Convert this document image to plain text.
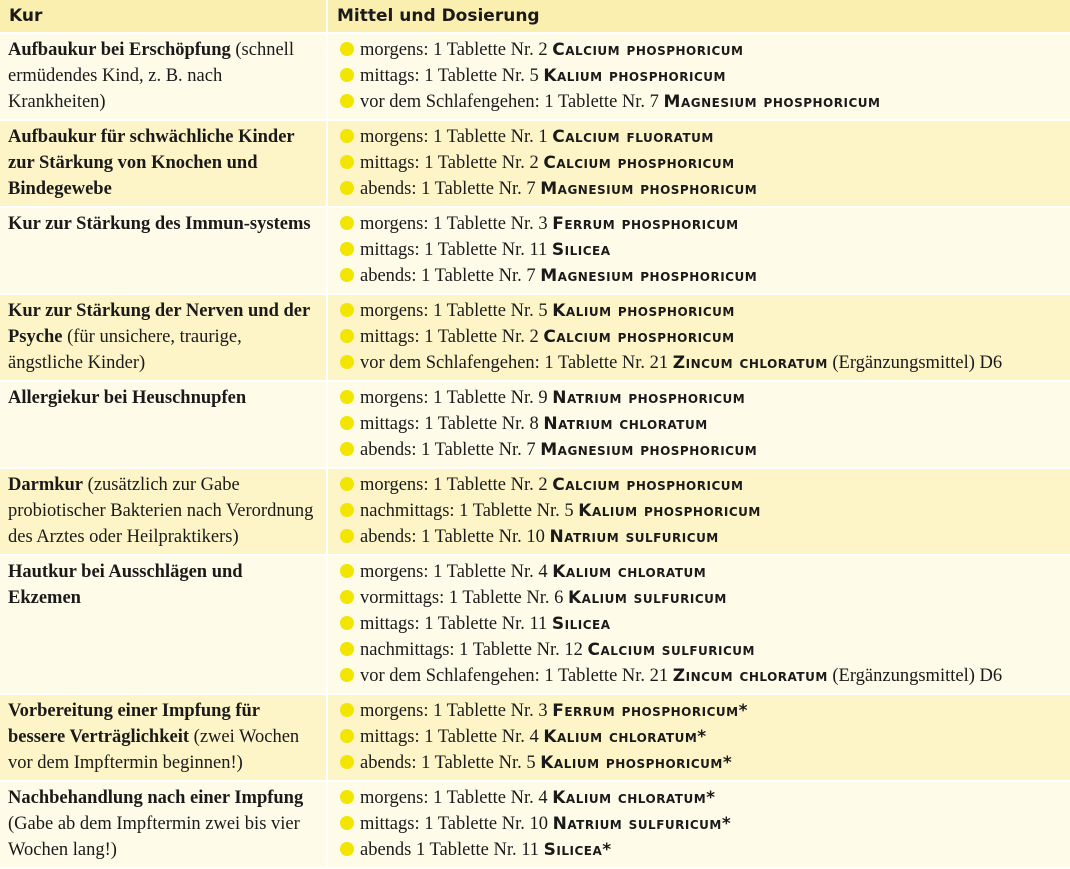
Kur	Mittel und Dosierung
Aufbaukur bei Erschöpfung (schnell ermüdendes Kind, z. B. nach Krankheiten)	morgens: 1 Tablette Nr. 2 Calcium phosphoricum
mittags: 1 Tablette Nr. 5 Kalium phosphoricum
vor dem Schlafengehen: 1 Tablette Nr. 7 Magnesium phosphoricum

Aufbaukur für schwächliche Kinder zur Stärkung von Knochen und Bindegewebe	morgens: 1 Tablette Nr. 1 Calcium fluoratum
mittags: 1 Tablette Nr. 2 Calcium phosphoricum
abends: 1 Tablette Nr. 7 Magnesium phosphoricum

Kur zur Stärkung des Immun-systems	morgens: 1 Tablette Nr. 3 Ferrum phosphoricum
mittags: 1 Tablette Nr. 11 Silicea
abends: 1 Tablette Nr. 7 Magnesium phosphoricum

Kur zur Stärkung der Nerven und der Psyche (für unsichere, traurige, ängstliche Kinder)	morgens: 1 Tablette Nr. 5 Kalium phosphoricum
mittags: 1 Tablette Nr. 2 Calcium phosphoricum
vor dem Schlafengehen: 1 Tablette Nr. 21 Zincum chloratum (Ergänzungsmittel) D6

Allergiekur bei Heuschnupfen	morgens: 1 Tablette Nr. 9 Natrium phosphoricum
mittags: 1 Tablette Nr. 8 Natrium chloratum
abends: 1 Tablette Nr. 7 Magnesium phosphoricum

Darmkur (zusätzlich zur Gabe probiotischer Bakterien nach Verordnung des Arztes oder Heilpraktikers)	morgens: 1 Tablette Nr. 2 Calcium phosphoricum
nachmittags: 1 Tablette Nr. 5 Kalium phosphoricum
abends: 1 Tablette Nr. 10 Natrium sulfuricum

Hautkur bei Ausschlägen und Ekzemen	morgens: 1 Tablette Nr. 4 Kalium chloratum
vormittags: 1 Tablette Nr. 6 Kalium sulfuricum
mittags: 1 Tablette Nr. 11 Silicea
nachmittags: 1 Tablette Nr. 12 Calcium sulfuricum
vor dem Schlafengehen: 1 Tablette Nr. 21 Zincum chloratum (Ergänzungsmittel) D6

Vorbereitung einer Impfung für bessere Verträglichkeit (zwei Wochen vor dem Impftermin beginnen!)	morgens: 1 Tablette Nr. 3 Ferrum phosphoricum*
mittags: 1 Tablette Nr. 4 Kalium chloratum*
abends: 1 Tablette Nr. 5 Kalium phosphoricum*

Nachbehandlung nach einer Impfung (Gabe ab dem Impftermin zwei bis vier Wochen lang!)	morgens: 1 Tablette Nr. 4 Kalium chloratum*
mittags: 1 Tablette Nr. 10 Natrium sulfuricum*
abends 1 Tablette Nr. 11 Silicea*
